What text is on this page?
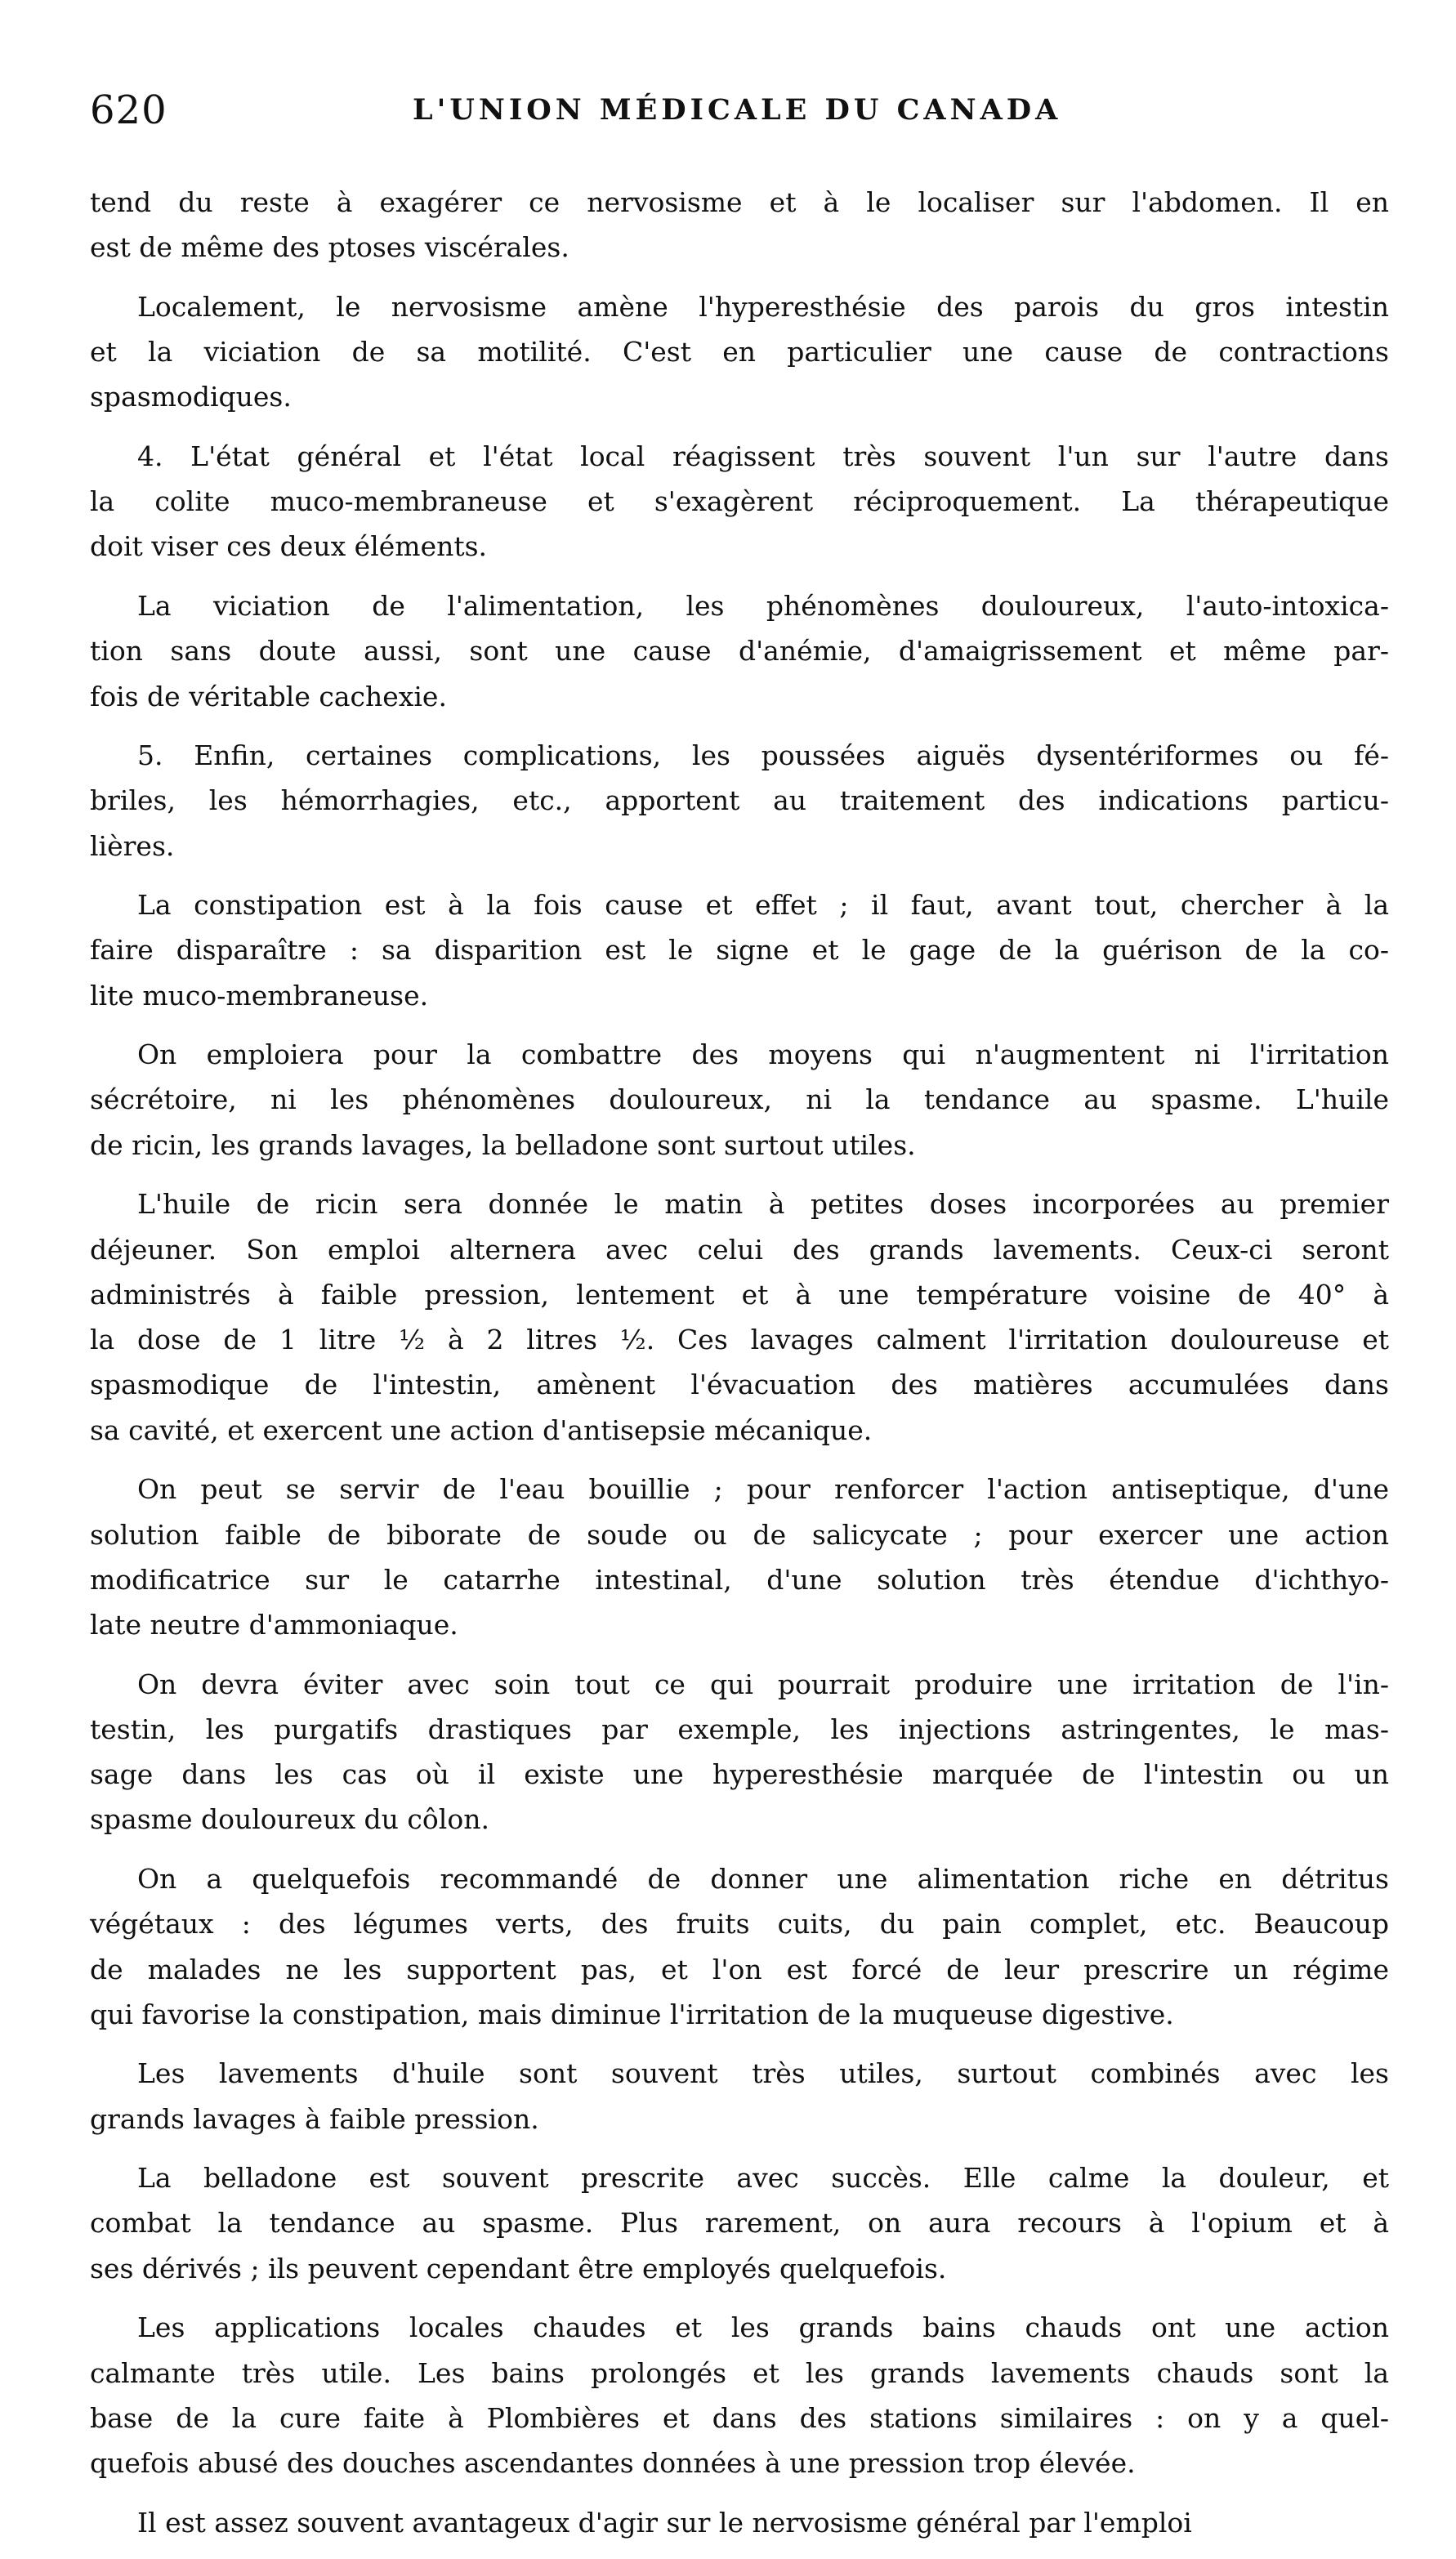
620	L'UNION MÉDICALE DU CANADA
tend du reste à exagérer ce nervosisme et à le localiser sur l'abdomen. Il en
est de même des ptoses viscérales.
Localement, le nervosisme amène l'hyperesthésie des parois du gros intestin
et la viciation de sa motilité. C'est en particulier une cause de contractions
spasmodiques.
4. L'état général et l'état local réagissent très souvent l'un sur l'autre dans
la colite muco-membraneuse et s'exagèrent réciproquement. La thérapeutique
doit viser ces deux éléments.
La viciation de l'alimentation, les phénomènes douloureux, l'auto-intoxica-
tion sans doute aussi, sont une cause d'anémie, d'amaigrissement et même par-
fois de véritable cachexie.
5. Enfin, certaines complications, les poussées aiguës dysentériformes ou fé-
briles, les hémorrhagies, etc., apportent au traitement des indications particu-
lières.
La constipation est à la fois cause et effet ; il faut, avant tout, chercher à la
faire disparaître : sa disparition est le signe et le gage de la guérison de la co-
lite muco-membraneuse.
On emploiera pour la combattre des moyens qui n'augmentent ni l'irritation
sécrétoire, ni les phénomènes douloureux, ni la tendance au spasme. L'huile
de ricin, les grands lavages, la belladone sont surtout utiles.
L'huile de ricin sera donnée le matin à petites doses incorporées au premier
déjeuner. Son emploi alternera avec celui des grands lavements. Ceux-ci seront
administrés à faible pression, lentement et à une température voisine de 40° à
la dose de 1 litre ½ à 2 litres ½. Ces lavages calment l'irritation douloureuse et
spasmodique de l'intestin, amènent l'évacuation des matières accumulées dans
sa cavité, et exercent une action d'antisepsie mécanique.
On peut se servir de l'eau bouillie ; pour renforcer l'action antiseptique, d'une
solution faible de biborate de soude ou de salicycate ; pour exercer une action
modificatrice sur le catarrhe intestinal, d'une solution très étendue d'ichthyo-
late neutre d'ammoniaque.
On devra éviter avec soin tout ce qui pourrait produire une irritation de l'in-
testin, les purgatifs drastiques par exemple, les injections astringentes, le mas-
sage dans les cas où il existe une hyperesthésie marquée de l'intestin ou un
spasme douloureux du côlon.
On a quelquefois recommandé de donner une alimentation riche en détritus
végétaux : des légumes verts, des fruits cuits, du pain complet, etc. Beaucoup
de malades ne les supportent pas, et l'on est forcé de leur prescrire un régime
qui favorise la constipation, mais diminue l'irritation de la muqueuse digestive.
Les lavements d'huile sont souvent très utiles, surtout combinés avec les
grands lavages à faible pression.
La belladone est souvent prescrite avec succès. Elle calme la douleur, et
combat la tendance au spasme. Plus rarement, on aura recours à l'opium et à
ses dérivés ; ils peuvent cependant être employés quelquefois.
Les applications locales chaudes et les grands bains chauds ont une action
calmante très utile. Les bains prolongés et les grands lavements chauds sont la
base de la cure faite à Plombières et dans des stations similaires : on y a quel-
quefois abusé des douches ascendantes données à une pression trop élevée.
Il est assez souvent avantageux d'agir sur le nervosisme général par l'emploi
